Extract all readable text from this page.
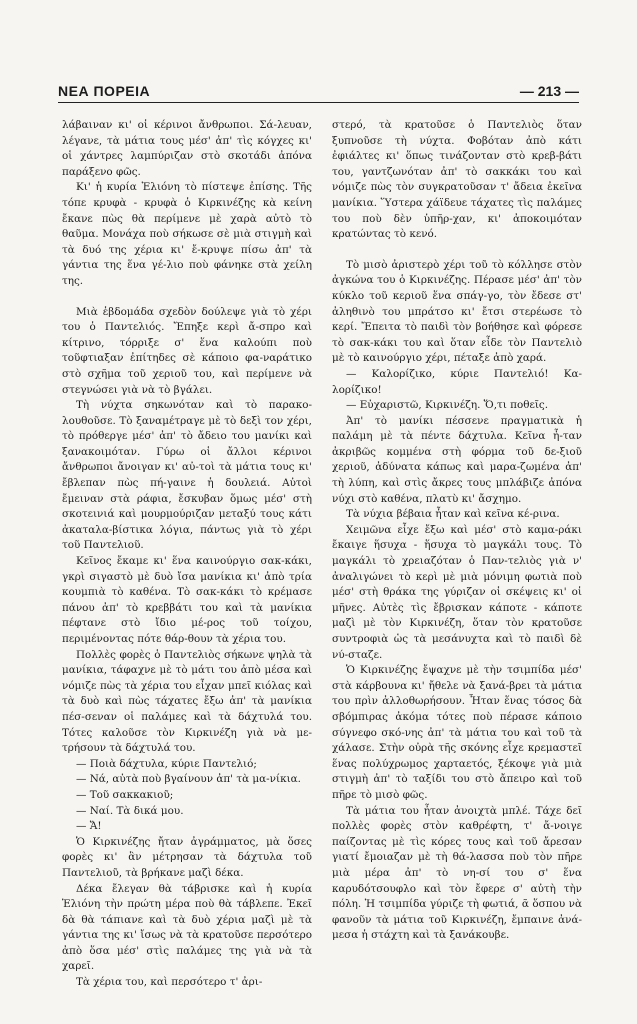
ΝΕΑ ΠΟΡΕΙΑ	— 213 —

λάβαιναν κι' οἱ κέρινοι ἄνθρωποι. Σά-λευαν, λέγανε, τὰ μάτια τους μέσ' ἀπ' τὶς κόγχες κι' οἱ χάντρες λαμπύριζαν στὸ σκοτάδι ἀπόνα παράξενο φῶς.

Κι' ἡ κυρία Ἑλιόνη τὸ πίστεψε ἐπίσης. Τῆς τόπε κρυφὰ - κρυφὰ ὁ Κιρκινέζης κὰ κείνη ἔκανε πὼς θὰ περίμενε μὲ χαρὰ αὐτὸ τὸ θαῦμα. Μονάχα ποὺ σήκωσε σὲ μιὰ στιγμὴ καὶ τὰ δυό της χέρια κι' ἔ-κρυψε πίσω ἀπ' τὰ γάντια της ἕνα γέ-λιο ποὺ φάνηκε στὰ χείλη της.

Μιὰ ἑβδομάδα σχεδὸν δούλεψε γιὰ τὸ χέρι του ὁ Παντελιός. Ἔπηξε κερὶ ἄ-σπρο καὶ κίτρινο, τόρριξε σ' ἕνα καλούπι ποὺ τοῦφτιαξαν ἐπίτηδες σὲ κάποιο φα-ναράτικο στὸ σχῆμα τοῦ χεριοῦ του, καὶ περίμενε νὰ στεγνώσει γιὰ νὰ τὸ βγάλει.

Τὴ νύχτα σηκωνόταν καὶ τὸ παρακο-λουθοῦσε. Τὸ ξαναμέτραγε μὲ τὸ δεξὶ τον χέρι, τὸ πρόθεργε μέσ' ἀπ' τὸ ἄδειο του μανίκι καὶ ξανακοιμόταν. Γύρω οἱ ἄλλοι κέρινοι ἄνθρωποι ἄνοιγαν κι' αὐ-τοὶ τὰ μάτια τους κι' ἔβλεπαν πὼς πή-γαινε ἡ δουλειά. Αὐτοὶ ἔμειναν στὰ ράφια, ἔσκυβαν ὅμως μέσ' στὴ σκοτεινιά καὶ μουρμούριζαν μεταξύ τους κάτι ἀκαταλα-βίστικα λόγια, πάντως γιὰ τὸ χέρι τοῦ Παντελιοῦ.

Κεῖνος ἔκαμε κι' ἕνα καινούργιο σακ-κάκι, γκρὶ σιγαστὸ μὲ δυὸ ἴσα μανίκια κι' ἀπὸ τρία κουμπιὰ τὸ καθένα. Τὸ σακ-κάκι τὸ κρέμασε πάνου ἀπ' τὸ κρεββάτι του καὶ τὰ μανίκια πέφτανε στὸ ἴδιο μέ-ρος τοῦ τοίχου, περιμένοντας πότε θάρ-θουν τὰ χέρια του.

Πολλὲς φορὲς ὁ Παντελιὸς σήκωνε ψηλὰ τὰ μανίκια, τάφαχνε μὲ τὸ μάτι του ἀπὸ μέσα καὶ νόμιζε πὼς τὰ χέρια του εἶχαν μπεῖ κιόλας καὶ τὰ δυὸ καὶ πὼς τάχατες ἔξω ἀπ' τὰ μανίκια πέσ-σεναν οἱ παλάμες καὶ τὰ δάχτυλά του. Τότες καλοῦσε τὸν Κιρκινέζη γιὰ νὰ με-τρήσουν τὰ δάχτυλά του.

— Ποιὰ δάχτυλα, κύριε Παντελιό;

— Νά, αὐτὰ ποὺ βγαίνουν ἀπ' τὰ μα-νίκια.

— Τοῦ σακκακιοῦ;

— Ναί. Τὰ δικά μου.

— Ἄ!

Ὁ Κιρκινέζης ἤταν ἀγράμματος, μὰ ὅσες φορὲς κι' ἂν μέτρησαν τὰ δάχτυλα τοῦ Παντελιοῦ, τὰ βρήκανε μαζὶ δέκα.

Δέκα ἔλεγαν θὰ τάβρισκε καὶ ἡ κυρία Ἑλιόνη τὴν πρώτη μέρα ποὺ θὰ τάβλεπε. Ἐκεῖ δὰ θὰ τάπιανε καὶ τὰ δυὸ χέρια μαζὶ μὲ τὰ γάντια της κι' ἴσως νὰ τὰ κρατοῦσε περσότερο ἀπὸ ὅσα μέσ' στὶς παλάμες της γιὰ νὰ τὰ χαρεῖ.

Τὰ χέρια του, καὶ περσότερο τ' ἀρι-

στερό, τὰ κρατοῦσε ὁ Παντελιὸς ὅταν ξυπνοῦσε τὴ νύχτα. Φοβόταν ἀπὸ κάτι ἐφιάλτες κι' ὅπως τινάζονταν στὸ κρεβ-βάτι του, γαντζωνόταν ἀπ' τὸ σακκάκι του καὶ νόμιζε πὼς τὸν συγκρατοῦσαν τ' ἄδεια ἐκεῖνα μανίκια. Ὕστερα χάϊδευε τάχατες τὶς παλάμες του ποὺ δὲν ὑπῆρ-χαν, κι' ἀποκοιμόταν κρατώντας τὸ κενό.

Τὸ μισὸ ἀριστερὸ χέρι τοῦ τὸ κόλλησε στὸν ἀγκώνα του ὁ Κιρκινέζης. Πέρασε μέσ' ἀπ' τὸν κύκλο τοῦ κεριοῦ ἕνα σπάγ-γο, τὸν ἔδεσε στ' ἀληθινὸ του μπράτσο κι' ἔτσι στερέωσε τὸ κερί. Ἔπειτα τὸ παιδὶ τὸν βοήθησε καὶ φόρεσε τὸ σακ-κάκι του καὶ ὅταν εἶδε τὸν Παντελιὸ μὲ τὸ καινούργιο χέρι, πέταξε ἀπὸ χαρά.

— Καλορίζικο, κύριε Παντελιό! Κα-λορίζικο!

— Εὐχαριστῶ, Κιρκινέζη. Ὅ,τι ποθεῖς.

Ἀπ' τὸ μανίκι πέσσενε πραγματικὰ ἡ παλάμη μὲ τὰ πέντε δάχτυλα. Κεῖνα ἦ-ταν ἀκριβῶς κομμένα στὴ φόρμα τοῦ δε-ξιοῦ χεριοῦ, ἀδύνατα κάπως καὶ μαρα-ζωμένα ἀπ' τὴ λύπη, καὶ στὶς ἄκρες τους μπλάβιζε ἀπόνα νύχι στὸ καθένα, πλατὺ κι' ἄσχημο.

Τὰ νύχια βέβαια ἦταν καὶ κεῖνα κέ-ρινα.

Χειμῶνα εἶχε ἔξω καὶ μέσ' στὸ καμα-ράκι ἔκαιγε ἥσυχα - ἥσυχα τὸ μαγκάλι τους. Τὸ μαγκάλι τὸ χρειαζόταν ὁ Παν-τελιὸς γιὰ ν' ἀναλιγώνει τὸ κερὶ μὲ μιὰ μόνιμη φωτιὰ ποὺ μέσ' στὴ θράκα της γύριζαν οἱ σκέψεις κι' οἱ μῆνες. Αὐτὲς τὶς ἔβρισκαν κάποτε - κάποτε μαζὶ μὲ τὸν Κιρκινέζη, ὅταν τὸν κρατοῦσε συντροφιὰ ὡς τὰ μεσάνυχτα καὶ τὸ παιδὶ δὲ νύ-σταζε.

Ὁ Κιρκινέζης ἔψαχνε μὲ τὴν τσιμπίδα μέσ' στὰ κάρβουνα κι' ἤθελε νὰ ξανά-βρει τὰ μάτια του πρὶν ἀλλοθωρήσουν. Ἦταν ἕνας τόσος δὰ σβόμπιρας ἀκόμα τότες ποὺ πέρασε κάποιο σύγνεφο σκό-νης ἀπ' τὰ μάτια του καὶ τοῦ τὰ χάλασε. Στὴν οὐρὰ τῆς σκόνης εἶχε κρεμαστεῖ ἕνας πολύχρωμος χαρταετός, ξέκοψε γιὰ μιὰ στιγμὴ ἀπ' τὸ ταξίδι του στὸ ἄπειρο καὶ τοῦ πῆρε τὸ μισὸ φῶς.

Τὰ μάτια του ἦταν ἀνοιχτὰ μπλέ. Τάχε δεῖ πολλὲς φορὲς στὸν καθρέφτη, τ' ἄ-νοιγε παίζοντας μὲ τὶς κόρες τους καὶ τοῦ ἄρεσαν γιατί ἔμοιαζαν μὲ τὴ θά-λασσα ποὺ τὸν πῆρε μιὰ μέρα ἀπ' τὸ νη-σί του σ' ἕνα καρυδότσουφλο καὶ τὸν ἔφερε σ' αὐτὴ τὴν πόλη. Ἡ τσιμπίδα γύριζε τὴ φωτιά, ᾶ ὅσπου νὰ φανοῦν τὰ μάτια τοῦ Κιρκινέζη, ἔμπαινε ἀνά-μεσα ἡ στάχτη καὶ τὰ ξανάκουβε.
